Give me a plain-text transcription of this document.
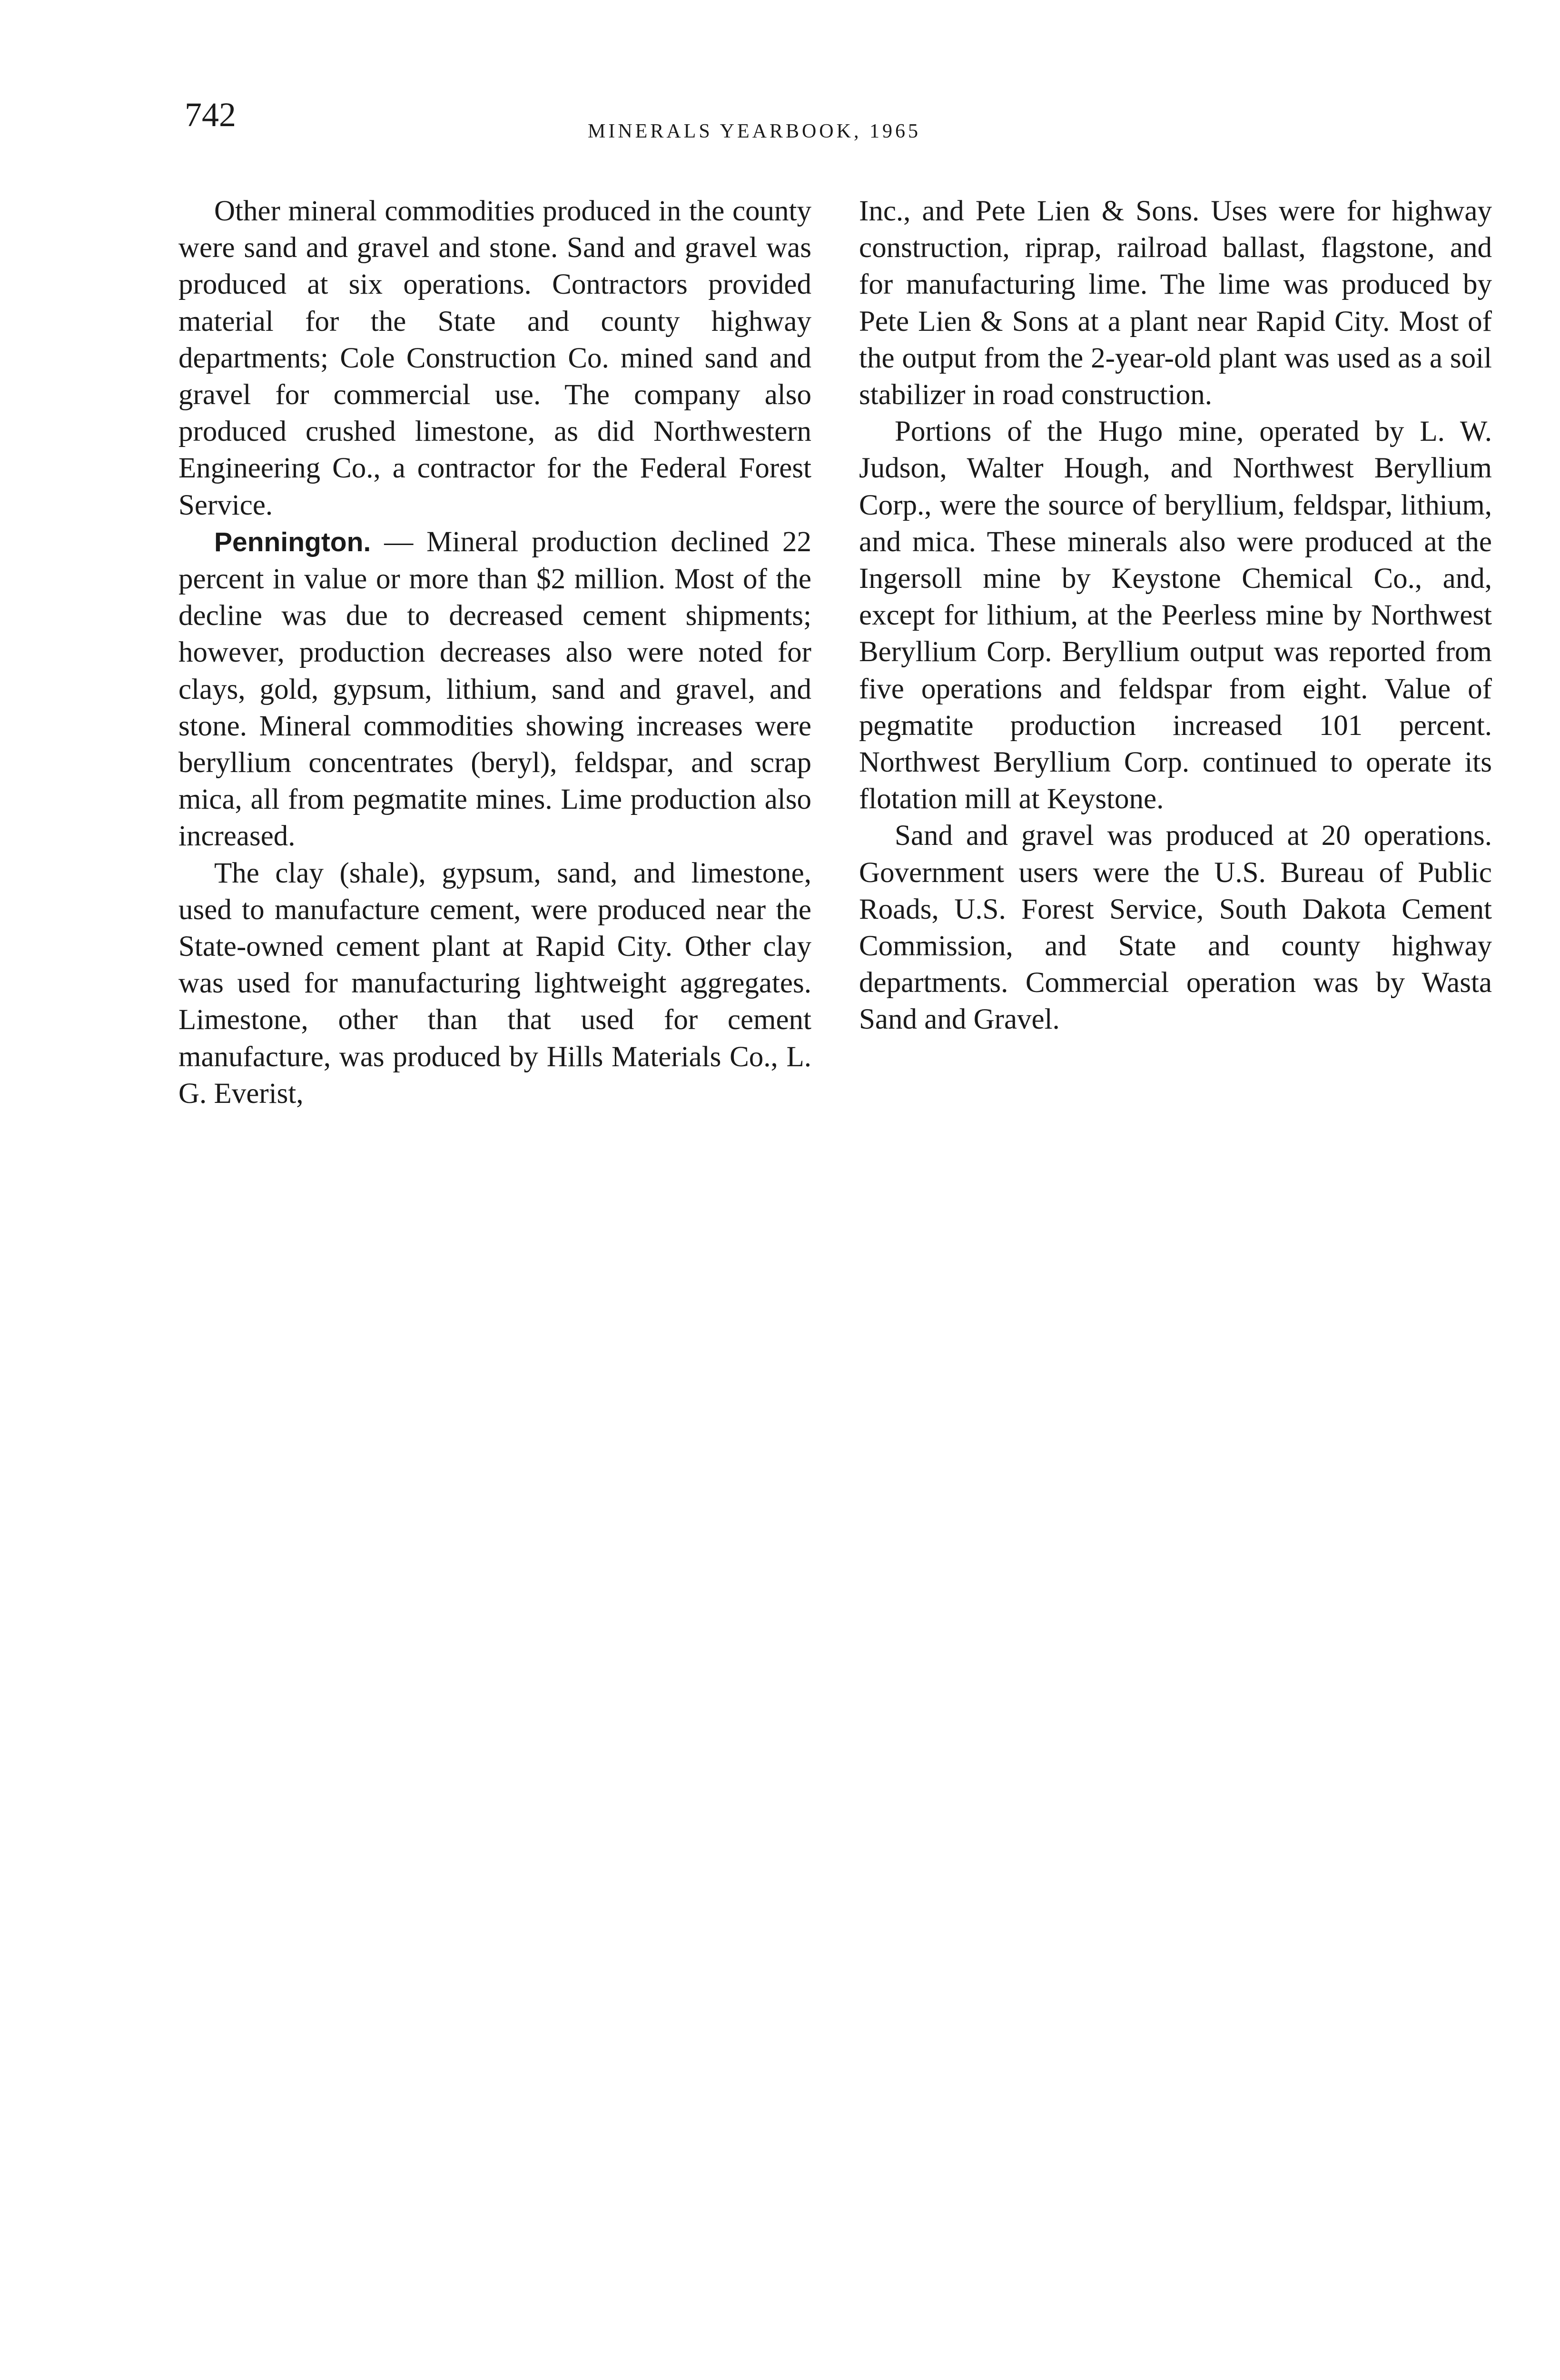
742	MINERALS YEARBOOK, 1965

Other mineral commodities produced in the county were sand and gravel and stone. Sand and gravel was produced at six operations. Contractors provided material for the State and county highway departments; Cole Construction Co. mined sand and gravel for commercial use. The company also produced crushed limestone, as did Northwestern Engineering Co., a contractor for the Federal Forest Service.

Pennington. — Mineral production declined 22 percent in value or more than $2 million. Most of the decline was due to decreased cement shipments; however, production decreases also were noted for clays, gold, gypsum, lithium, sand and gravel, and stone. Mineral commodities showing increases were beryllium concentrates (beryl), feldspar, and scrap mica, all from pegmatite mines. Lime production also increased.

The clay (shale), gypsum, sand, and limestone, used to manufacture cement, were produced near the State-owned cement plant at Rapid City. Other clay was used for manufacturing lightweight aggregates. Limestone, other than that used for cement manufacture, was produced by Hills Materials Co., L. G. Everist,

Inc., and Pete Lien & Sons. Uses were for highway construction, riprap, railroad ballast, flagstone, and for manufacturing lime. The lime was produced by Pete Lien & Sons at a plant near Rapid City. Most of the output from the 2-year-old plant was used as a soil stabilizer in road construction.

Portions of the Hugo mine, operated by L. W. Judson, Walter Hough, and Northwest Beryllium Corp., were the source of beryllium, feldspar, lithium, and mica. These minerals also were produced at the Ingersoll mine by Keystone Chemical Co., and, except for lithium, at the Peerless mine by Northwest Beryllium Corp. Beryllium output was reported from five operations and feldspar from eight. Value of pegmatite production increased 101 percent. Northwest Beryllium Corp. continued to operate its flotation mill at Keystone.

Sand and gravel was produced at 20 operations. Government users were the U.S. Bureau of Public Roads, U.S. Forest Service, South Dakota Cement Commission, and State and county highway departments. Commercial operation was by Wasta Sand and Gravel.
